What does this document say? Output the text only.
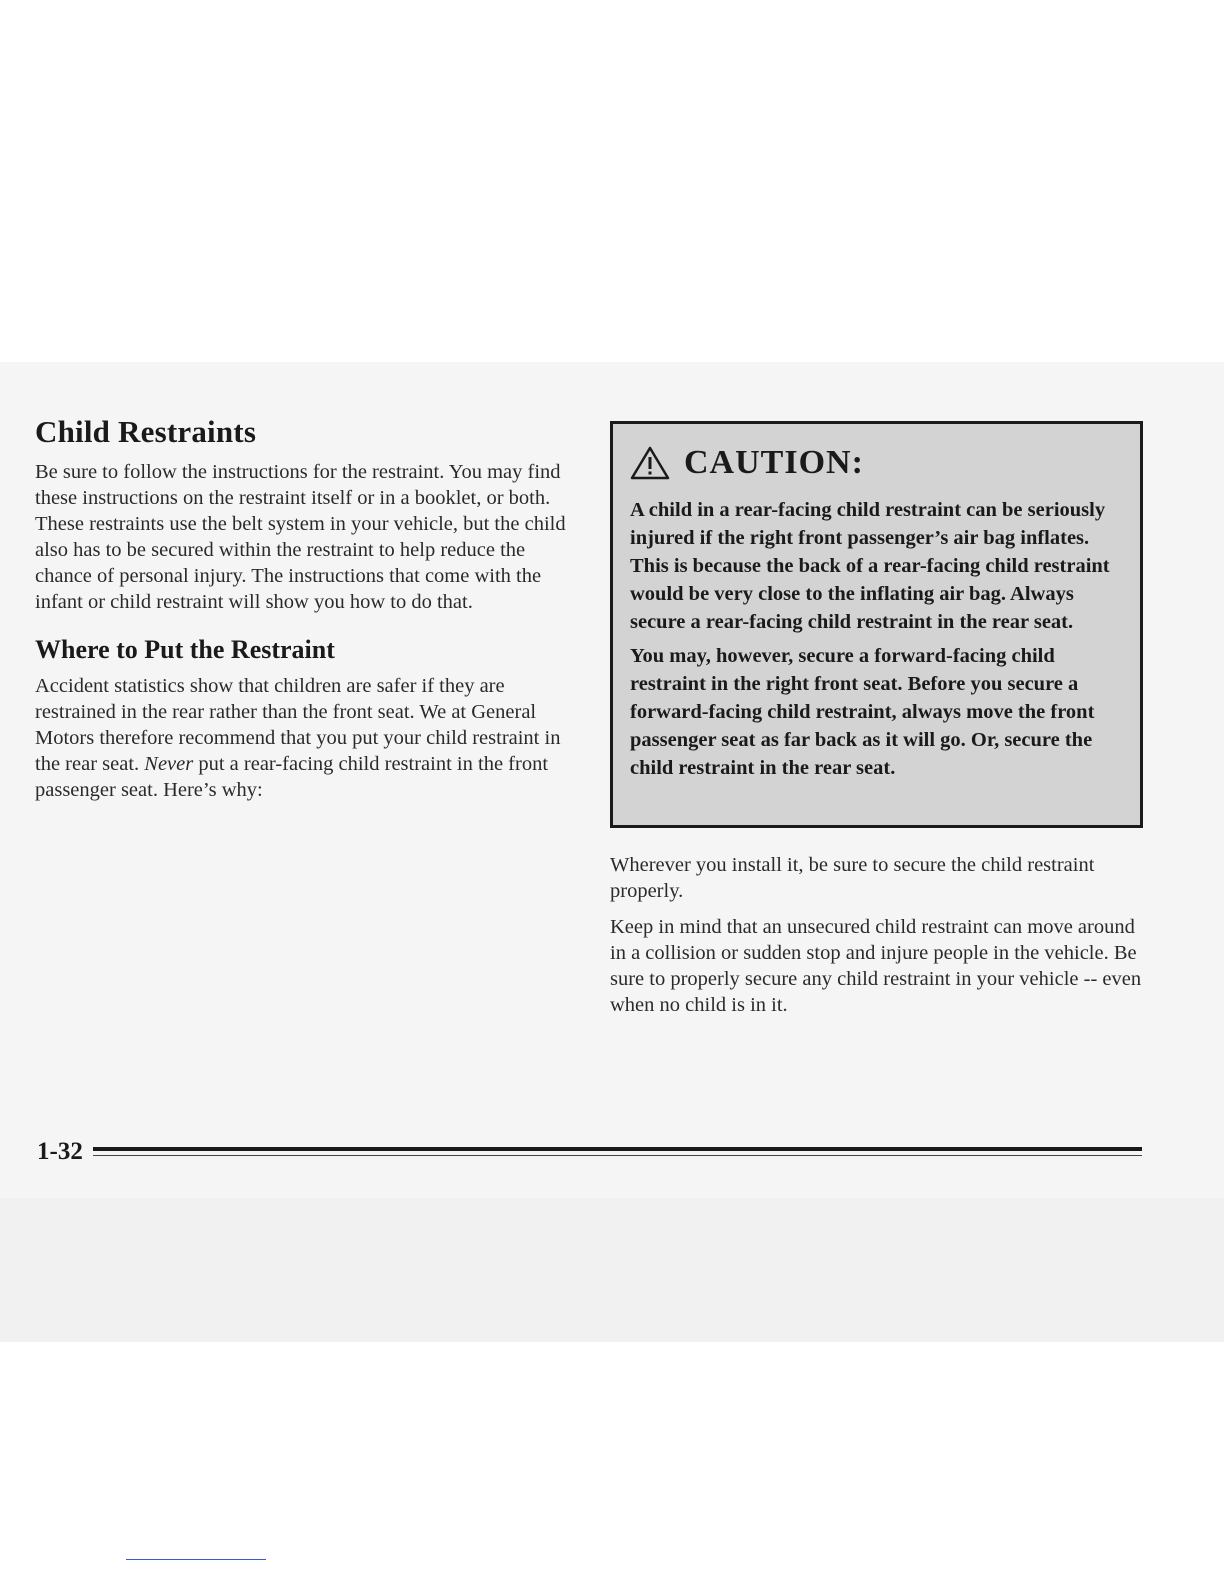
Child Restraints

Be sure to follow the instructions for the restraint. You may find these instructions on the restraint itself or in a booklet, or both. These restraints use the belt system in your vehicle, but the child also has to be secured within the restraint to help reduce the chance of personal injury. The instructions that come with the infant or child restraint will show you how to do that.

Where to Put the Restraint

Accident statistics show that children are safer if they are restrained in the rear rather than the front seat. We at General Motors therefore recommend that you put your child restraint in the rear seat. Never put a rear-facing child restraint in the front passenger seat. Here’s why:

CAUTION:

A child in a rear-facing child restraint can be seriously injured if the right front passenger’s air bag inflates. This is because the back of a rear-facing child restraint would be very close to the inflating air bag. Always secure a rear-facing child restraint in the rear seat.

You may, however, secure a forward-facing child restraint in the right front seat. Before you secure a forward-facing child restraint, always move the front passenger seat as far back as it will go. Or, secure the child restraint in the rear seat.

Wherever you install it, be sure to secure the child restraint properly.

Keep in mind that an unsecured child restraint can move around in a collision or sudden stop and injure people in the vehicle. Be sure to properly secure any child restraint in your vehicle -- even when no child is in it.

1-32
